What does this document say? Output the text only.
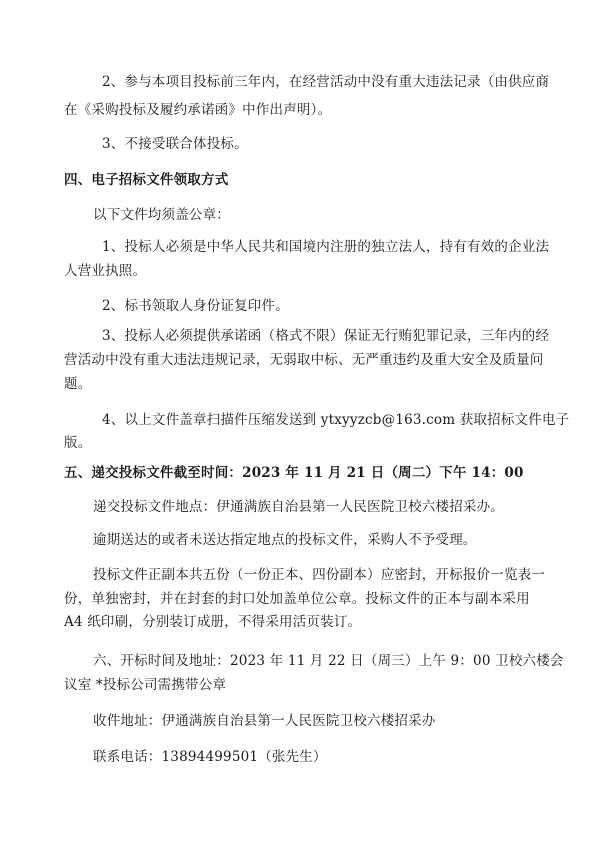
2、参与本项目投标前三年内，在经营活动中没有重大违法记录（由供应商
在《采购投标及履约承诺函》中作出声明）。
3、不接受联合体投标。
四、电子招标文件领取方式
以下文件均须盖公章：
1、投标人必须是中华人民共和国境内注册的独立法人，持有有效的企业法
人营业执照。
2、标书领取人身份证复印件。
3、投标人必须提供承诺函（格式不限）保证无行贿犯罪记录，三年内的经
营活动中没有重大违法违规记录，无弱取中标、无严重违约及重大安全及质量问
题。
4、以上文件盖章扫描件压缩发送到 ytxyyzcb@163.com 获取招标文件电子
版。
五、递交投标文件截至时间：2023 年 11 月 21 日（周二）下午 14：00
递交投标文件地点：伊通满族自治县第一人民医院卫校六楼招采办。
逾期送达的或者未送达指定地点的投标文件，采购人不予受理。
投标文件正副本共五份（一份正本、四份副本）应密封，开标报价一览表一
份，单独密封，并在封套的封口处加盖单位公章。投标文件的正本与副本采用
A4 纸印刷，分别装订成册，不得采用活页装订。
六、开标时间及地址：2023 年 11 月 22 日（周三）上午 9：00 卫校六楼会
议室 *投标公司需携带公章
收件地址：伊通满族自治县第一人民医院卫校六楼招采办
联系电话：13894499501（张先生）
